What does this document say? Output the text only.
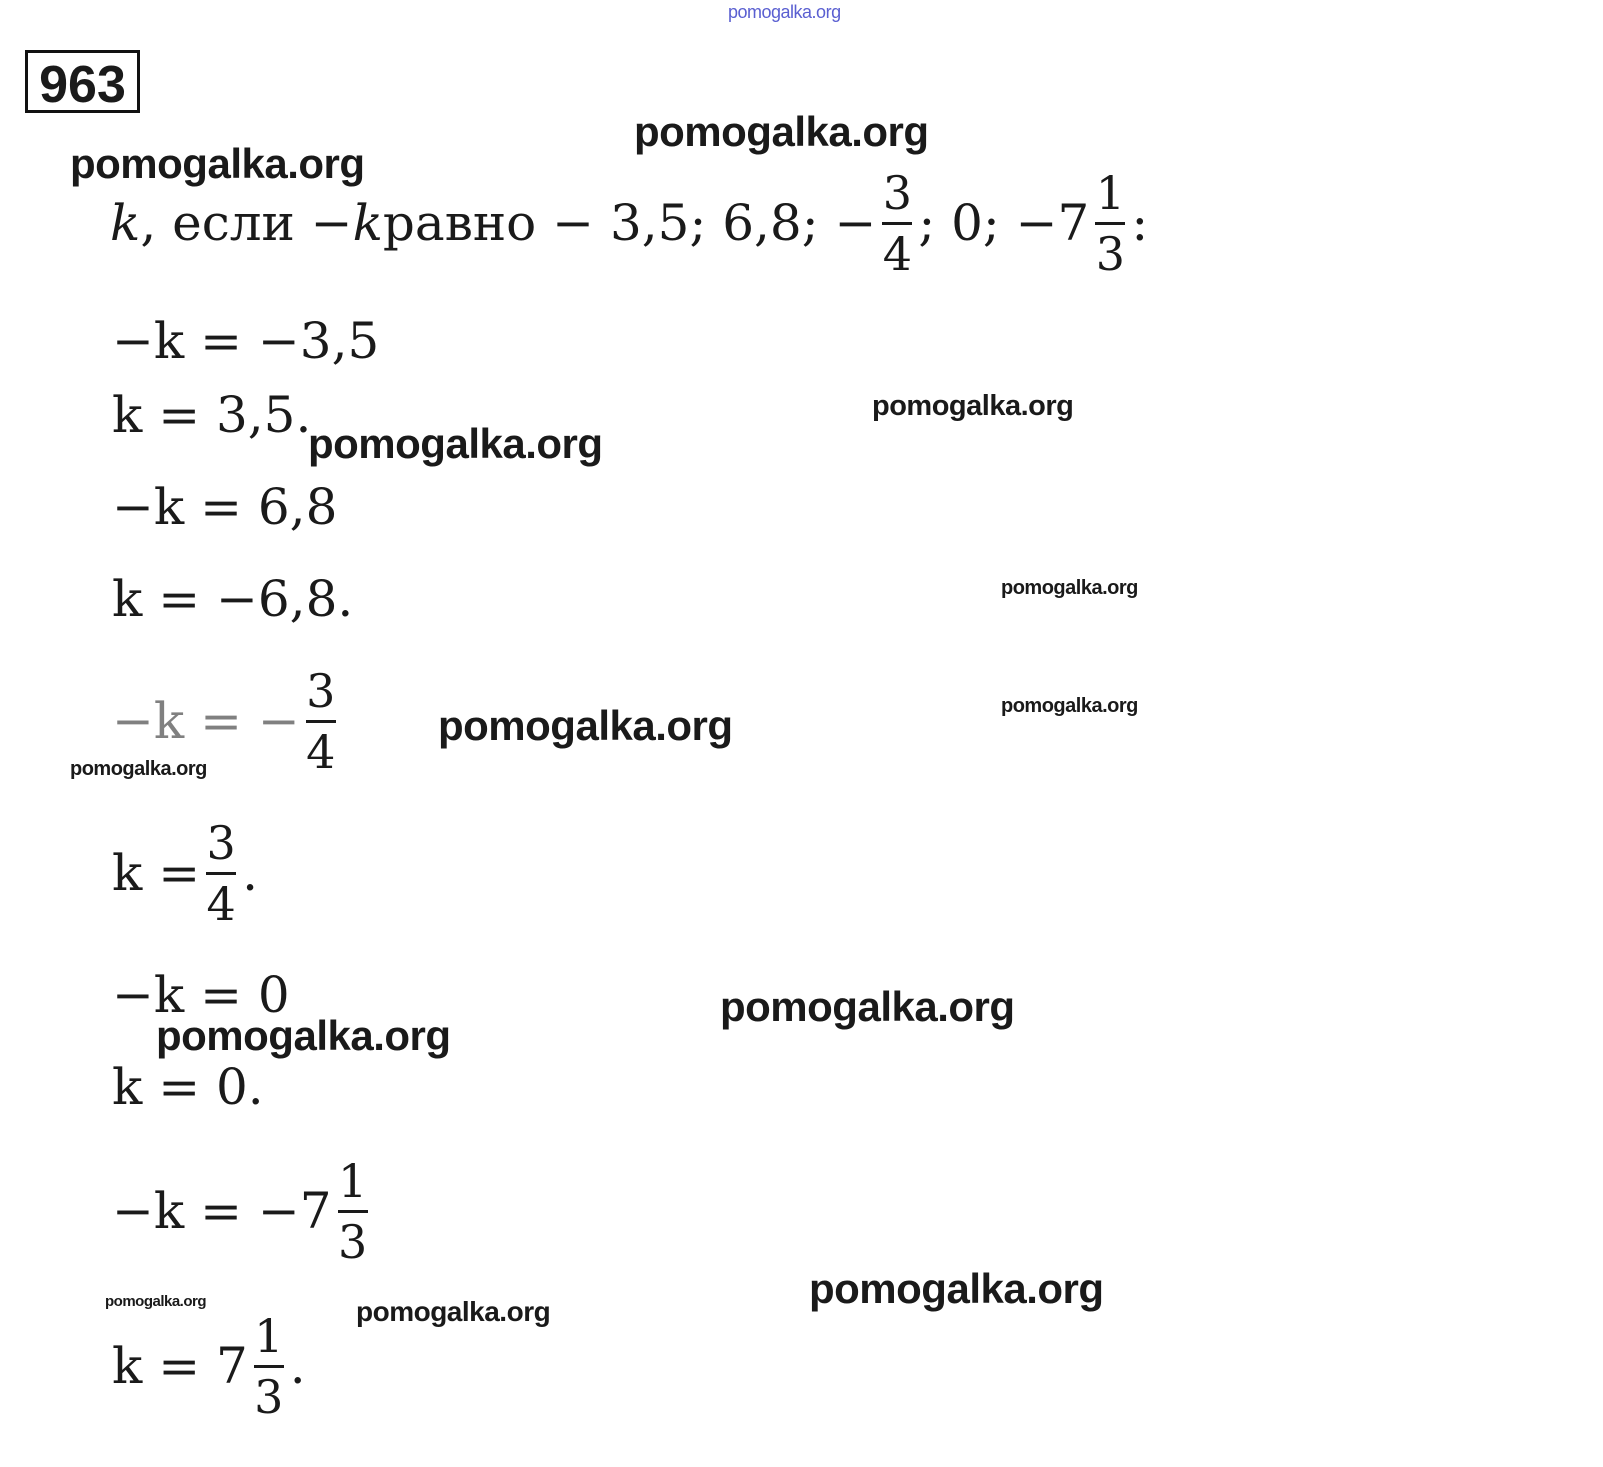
pomogalka.org
pomogalka.org
pomogalka.org
pomogalka.org
pomogalka.org
pomogalka.org
pomogalka.org
pomogalka.org
pomogalka.org
pomogalka.org
pomogalka.org
pomogalka.org
pomogalka.org	pomogalka.org
963
k , если − k равно − 3,5; 6,8; − $\frac{3}{4}$ ; 0; $-7 \frac{1}{3}$ :
−k = −3,5
k = 3,5.
−k = 6,8
k = −6,8.
−k = − $\frac{3}{4}$
$k = \frac{3}{4}$ .
−k = 0
k = 0.
$-k = -7 \frac{1}{3}$
$k = 7 \frac{1}{3}$ .
